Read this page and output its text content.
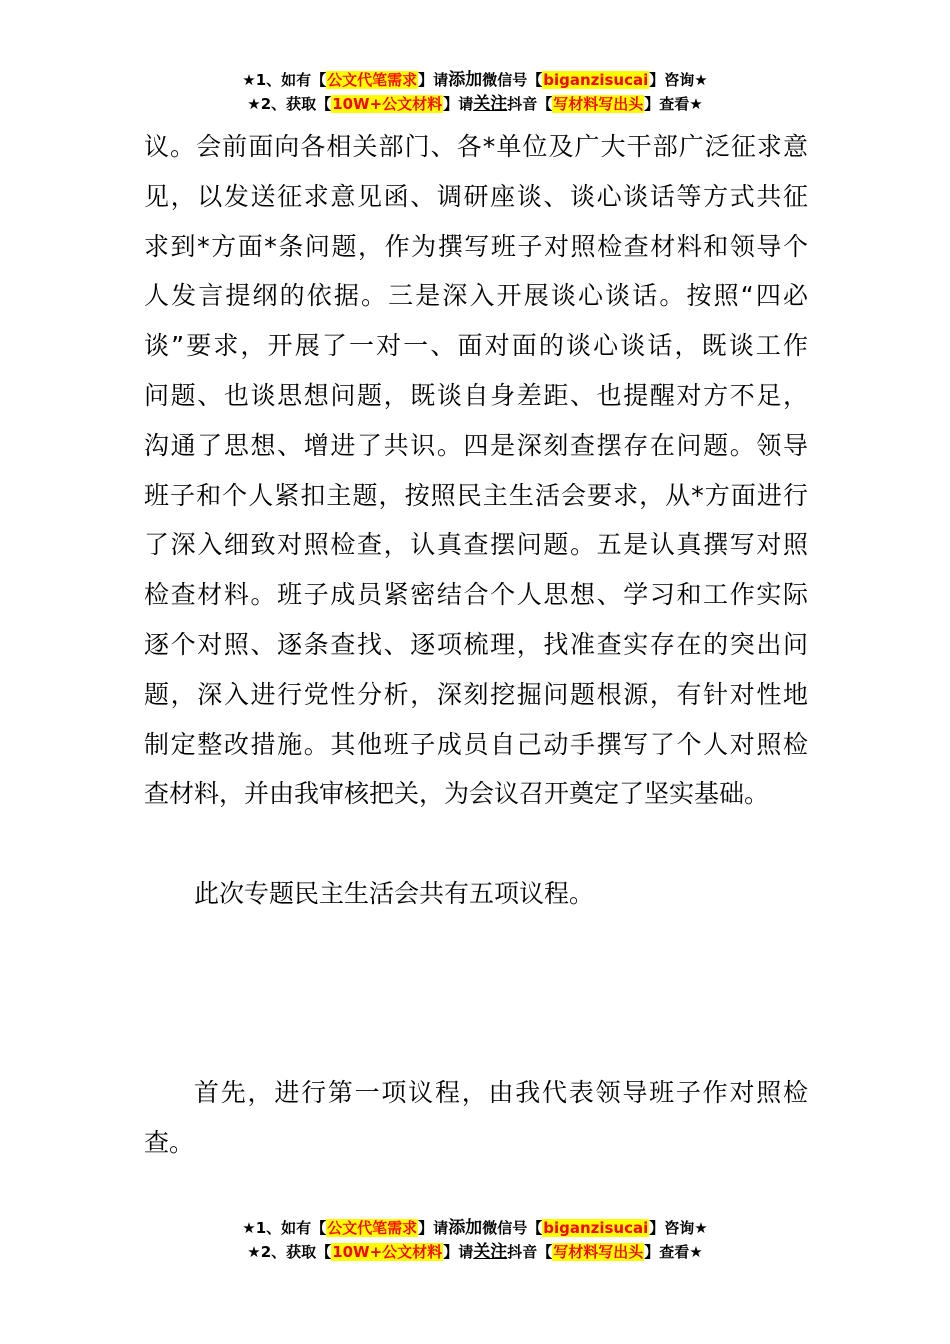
★1、如有【公文代笔需求】请添加微信号【biganzisucai】咨询★
★2、获取【10W+公文材料】请关注抖音【写材料写出头】查看★
议。会前面向各相关部门、各*单位及广大干部广泛征求意
见，以发送征求意见函、调研座谈、谈心谈话等方式共征
求到*方面*条问题，作为撰写班子对照检查材料和领导个
人发言提纲的依据。三是深入开展谈心谈话。按照“四必
谈”要求，开展了一对一、面对面的谈心谈话，既谈工作
问题、也谈思想问题，既谈自身差距、也提醒对方不足，
沟通了思想、增进了共识。四是深刻查摆存在问题。领导
班子和个人紧扣主题，按照民主生活会要求，从*方面进行
了深入细致对照检查，认真查摆问题。五是认真撰写对照
检查材料。班子成员紧密结合个人思想、学习和工作实际
逐个对照、逐条查找、逐项梳理，找准查实存在的突出问
题，深入进行党性分析，深刻挖掘问题根源，有针对性地
制定整改措施。其他班子成员自己动手撰写了个人对照检
查材料，并由我审核把关，为会议召开奠定了坚实基础。
此次专题民主生活会共有五项议程。
首先，进行第一项议程，由我代表领导班子作对照检
查。
★1、如有【公文代笔需求】请添加微信号【biganzisucai】咨询★
★2、获取【10W+公文材料】请关注抖音【写材料写出头】查看★
